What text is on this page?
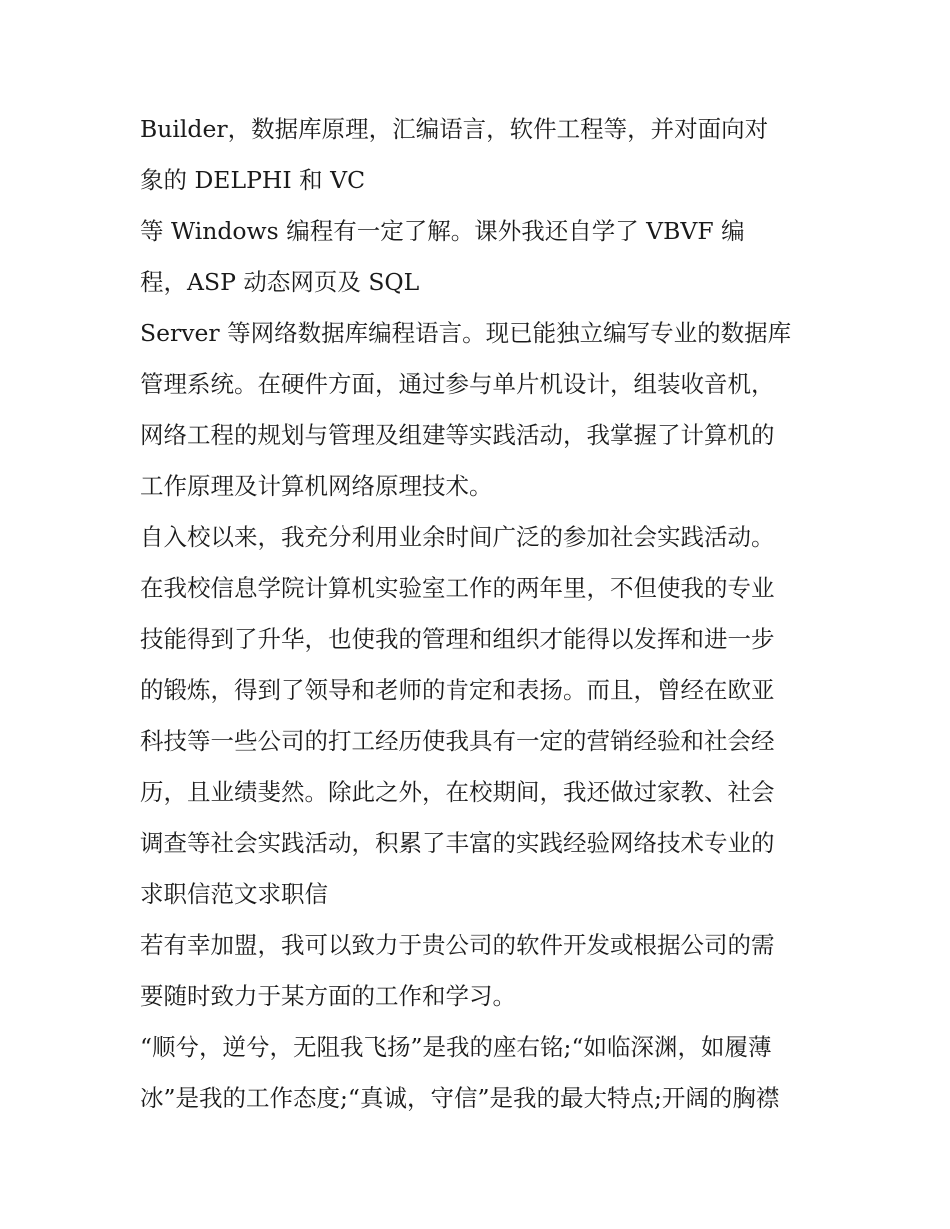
Builder，数据库原理，汇编语言，软件工程等，并对面向对
象的 DELPHI 和 VC
等 Windows 编程有一定了解。课外我还自学了 VBVF 编
程，ASP 动态网页及 SQL
Server 等网络数据库编程语言。现已能独立编写专业的数据库
管理系统。在硬件方面，通过参与单片机设计，组装收音机，
网络工程的规划与管理及组建等实践活动，我掌握了计算机的
工作原理及计算机网络原理技术。
自入校以来，我充分利用业余时间广泛的参加社会实践活动。
在我校信息学院计算机实验室工作的两年里，不但使我的专业
技能得到了升华，也使我的管理和组织才能得以发挥和进一步
的锻炼，得到了领导和老师的肯定和表扬。而且，曾经在欧亚
科技等一些公司的打工经历使我具有一定的营销经验和社会经
历，且业绩斐然。除此之外，在校期间，我还做过家教、社会
调查等社会实践活动，积累了丰富的实践经验网络技术专业的
求职信范文求职信
若有幸加盟，我可以致力于贵公司的软件开发或根据公司的需
要随时致力于某方面的工作和学习。
“顺兮，逆兮，无阻我飞扬”是我的座右铭;“如临深渊，如履薄
冰”是我的工作态度;“真诚，守信”是我的最大特点;开阔的胸襟
